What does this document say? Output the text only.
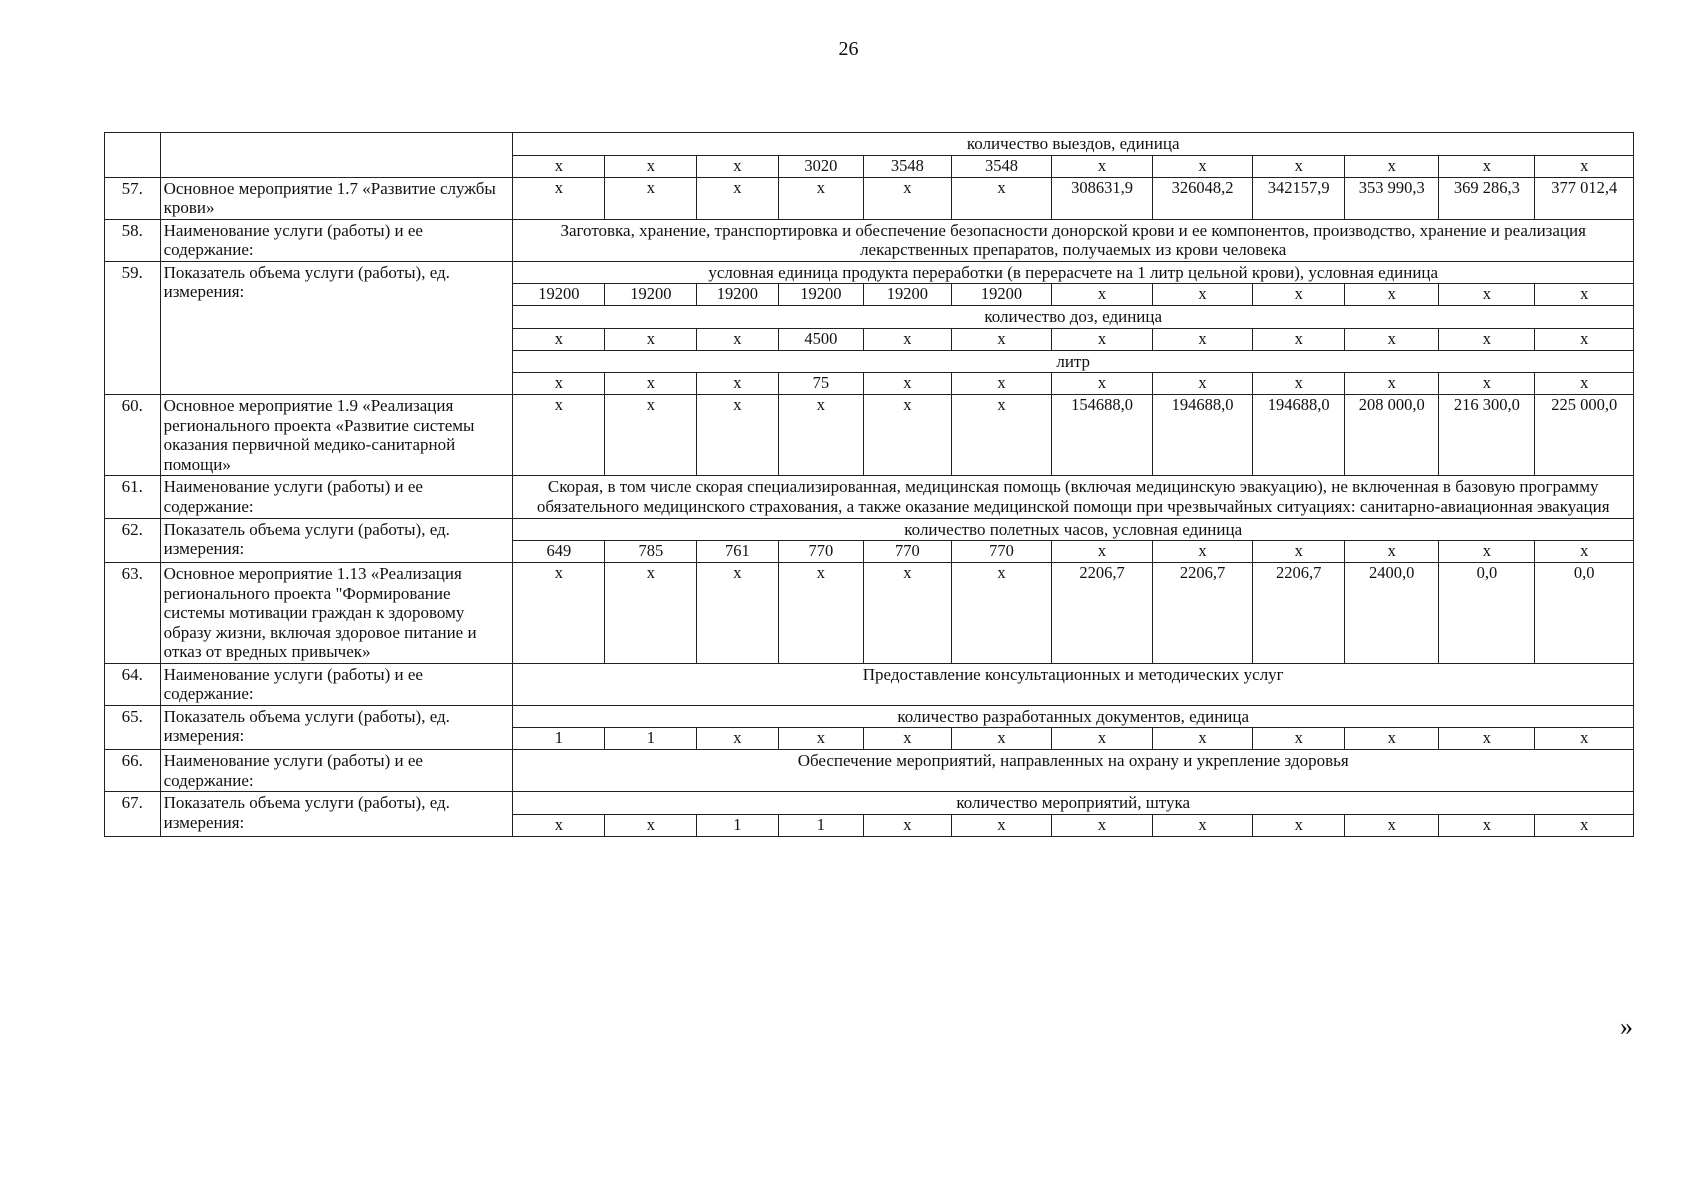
26
		количество выездов, единица											
		x	x	x	3020	3548	3548	x	x	x	x	x	x
57.	Основное мероприятие 1.7 «Развитие службы крови»	x	x	x	x	x	x	308631,9	326048,2	342157,9	353 990,3	369 286,3	377 012,4
58.	Наименование услуги (работы) и ее содержание:	Заготовка, хранение, транспортировка и обеспечение безопасности донорской крови и ее компонентов, производство, хранение и реализация лекарственных препаратов, получаемых из крови человека											
59.	Показатель объема услуги (работы), ед. измерения:	условная единица продукта переработки (в перерасчете на 1 литр цельной крови), условная единица											
		19200	19200	19200	19200	19200	19200	x	x	x	x	x	x
		количество доз, единица											
		x	x	x	4500	x	x	x	x	x	x	x	x
		литр											
		x	x	x	75	x	x	x	x	x	x	x	x
60.	Основное мероприятие 1.9 «Реализация регионального проекта «Развитие системы оказания первичной медико-санитарной помощи»	x	x	x	x	x	x	154688,0	194688,0	194688,0	208 000,0	216 300,0	225 000,0
61.	Наименование услуги (работы) и ее содержание:	Скорая, в том числе скорая специализированная, медицинская помощь (включая медицинскую эвакуацию), не включенная в базовую программу обязательного медицинского страхования, а также оказание медицинской помощи при чрезвычайных ситуациях: санитарно-авиационная эвакуация											
62.	Показатель объема услуги (работы), ед. измерения:	количество полетных часов, условная единица											
		649	785	761	770	770	770	x	x	x	x	x	x
63.	Основное мероприятие 1.13 «Реализация регионального проекта "Формирование системы мотивации граждан к здоровому образу жизни, включая здоровое питание и отказ от вредных привычек»	x	x	x	x	x	x	2206,7	2206,7	2206,7	2400,0	0,0	0,0
64.	Наименование услуги (работы) и ее содержание:	Предоставление консультационных и методических услуг											
65.	Показатель объема услуги (работы), ед. измерения:	количество разработанных документов, единица											
		1	1	x	x	x	x	x	x	x	x	x	x
66.	Наименование услуги (работы) и ее содержание:	Обеспечение мероприятий, направленных на охрану и укрепление здоровья											
67.	Показатель объема услуги (работы), ед. измерения:	количество мероприятий, штука											
		x	x	1	1	x	x	x	x	x	x	x	x
»
